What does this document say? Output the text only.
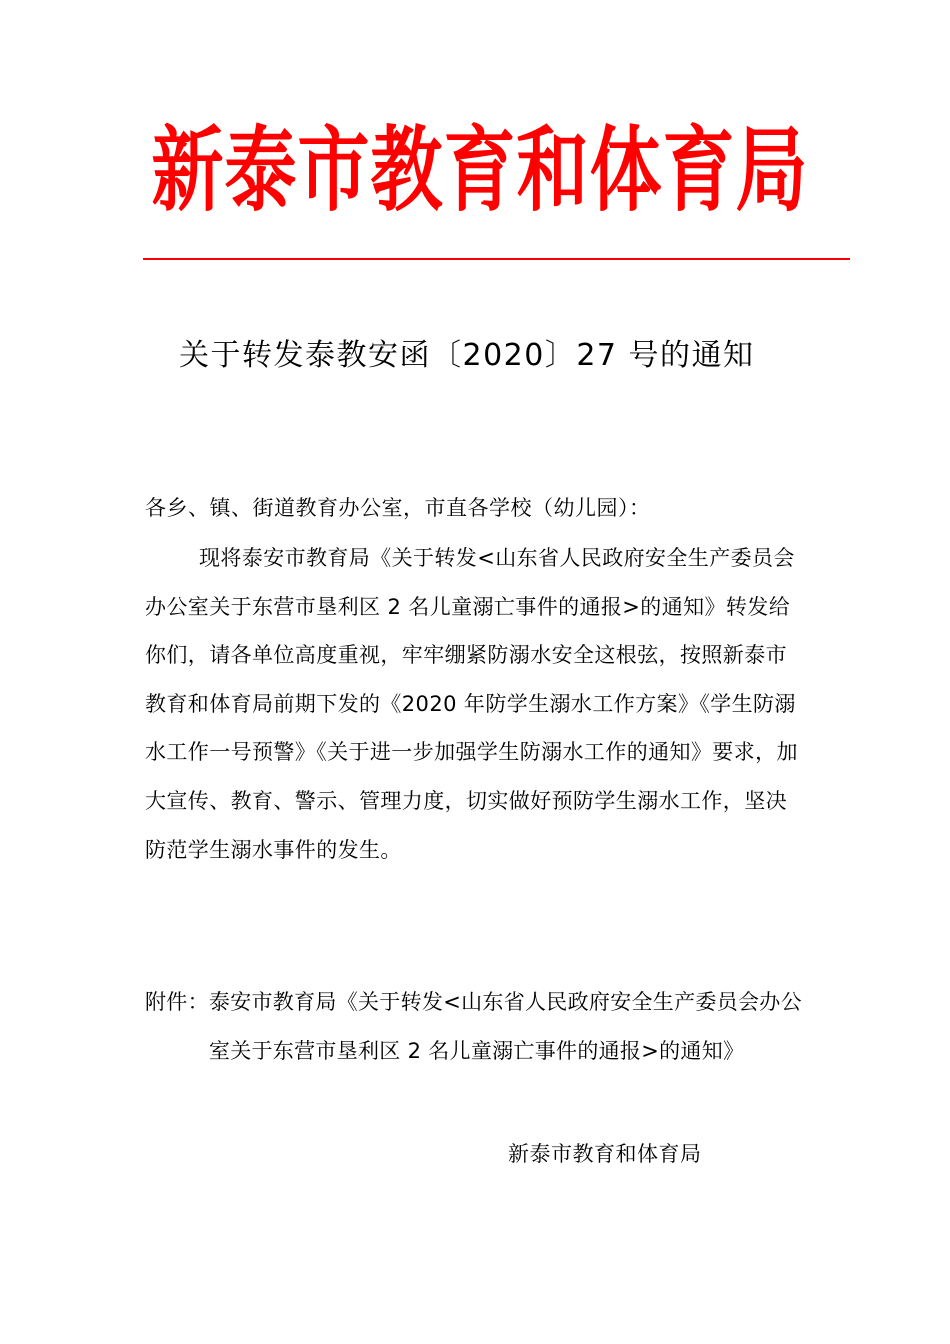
新泰市教育和体育局
关于转发泰教安函〔2020〕27 号的通知

各乡、镇、街道教育办公室，市直各学校（幼儿园）：

现将泰安市教育局《关于转发<山东省人民政府安全生产委员会办公室关于东营市垦利区 2 名儿童溺亡事件的通报>的通知》转发给你们，请各单位高度重视，牢牢绷紧防溺水安全这根弦，按照新泰市教育和体育局前期下发的《2020 年防学生溺水工作方案》《学生防溺水工作一号预警》《关于进一步加强学生防溺水工作的通知》要求，加大宣传、教育、警示、管理力度，切实做好预防学生溺水工作，坚决防范学生溺水事件的发生。

附件： 泰安市教育局《关于转发<山东省人民政府安全生产委员会办公室关于东营市垦利区 2 名儿童溺亡事件的通报>的通知》

新泰市教育和体育局
